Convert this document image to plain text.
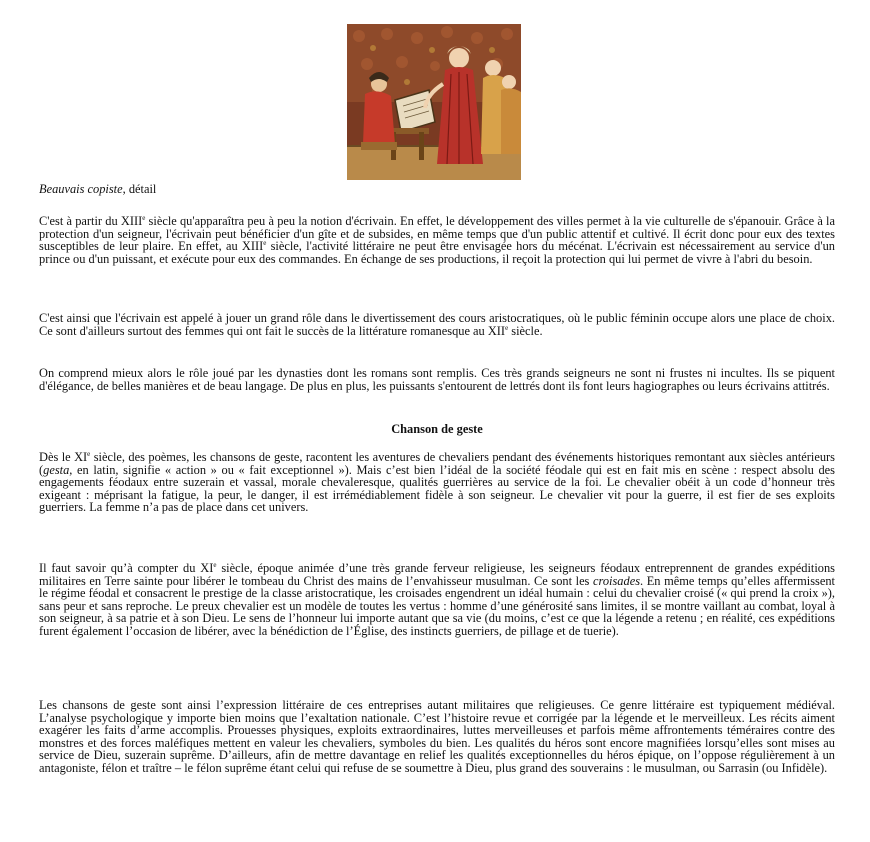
Beauvais copiste, détail

C'est à partir du XIIIe siècle qu'apparaîtra peu à peu la notion d'écrivain. En effet, le développement des villes permet à la vie culturelle de s'épanouir. Grâce à la protection d'un seigneur, l'écrivain peut bénéficier d'un gîte et de subsides, en même temps que d'un public attentif et cultivé. Il écrit donc pour eux des textes susceptibles de leur plaire. En effet, au XIIIe siècle, l'activité littéraire ne peut être envisagée hors du mécénat. L'écrivain est nécessairement au service d'un prince ou d'un puissant, et exécute pour eux des commandes. En échange de ses productions, il reçoit la protection qui lui permet de vivre à l'abri du besoin.

C'est ainsi que l'écrivain est appelé à jouer un grand rôle dans le divertissement des cours aristocratiques, où le public féminin occupe alors une place de choix. Ce sont d'ailleurs surtout des femmes qui ont fait le succès de la littérature romanesque au XIIe siècle.

On comprend mieux alors le rôle joué par les dynasties dont les romans sont remplis. Ces très grands seigneurs ne sont ni frustes ni incultes. Ils se piquent d'élégance, de belles manières et de beau langage. De plus en plus, les puissants s'entourent de lettrés dont ils font leurs hagiographes ou leurs écrivains attitrés.

Chanson de geste

Dès le XIe siècle, des poèmes, les chansons de geste, racontent les aventures de chevaliers pendant des événements historiques remontant aux siècles antérieurs (gesta, en latin, signifie « action » ou « fait exceptionnel »). Mais c’est bien l’idéal de la société féodale qui est en fait mis en scène : respect absolu des engagements féodaux entre suzerain et vassal, morale chevaleresque, qualités guerrières au service de la foi. Le chevalier obéit à un code d’honneur très exigeant : méprisant la fatigue, la peur, le danger, il est irrémédiablement fidèle à son seigneur. Le chevalier vit pour la guerre, il est fier de ses exploits guerriers. La femme n’a pas de place dans cet univers.

Il faut savoir qu’à compter du XIe siècle, époque animée d’une très grande ferveur religieuse, les seigneurs féodaux entreprennent de grandes expéditions militaires en Terre sainte pour libérer le tombeau du Christ des mains de l’envahisseur musulman. Ce sont les croisades. En même temps qu’elles affermissent le régime féodal et consacrent le prestige de la classe aristocratique, les croisades engendrent un idéal humain : celui du chevalier croisé (« qui prend la croix »), sans peur et sans reproche. Le preux chevalier est un modèle de toutes les vertus : homme d’une générosité sans limites, il se montre vaillant au combat, loyal à son seigneur, à sa patrie et à son Dieu. Le sens de l’honneur lui importe autant que sa vie (du moins, c’est ce que la légende a retenu ; en réalité, ces expéditions furent également l’occasion de libérer, avec la bénédiction de l’Église, des instincts guerriers, de pillage et de tuerie).

Les chansons de geste sont ainsi l’expression littéraire de ces entreprises autant militaires que religieuses. Ce genre littéraire est typiquement médiéval. L’analyse psychologique y importe bien moins que l’exaltation nationale. C’est l’histoire revue et corrigée par la légende et le merveilleux. Les récits aiment exagérer les faits d’arme accomplis. Prouesses physiques, exploits extraordinaires, luttes merveilleuses et parfois même affrontements téméraires contre des monstres et des forces maléfiques mettent en valeur les chevaliers, symboles du bien. Les qualités du héros sont encore magnifiées lorsqu’elles sont mises au service de Dieu, suzerain suprême. D’ailleurs, afin de mettre davantage en relief les qualités exceptionnelles du héros épique, on l’oppose régulièrement à un antagoniste, félon et traître – le félon suprême étant celui qui refuse de se soumettre à Dieu, plus grand des souverains : le musulman, ou Sarrasin (ou Infidèle).
